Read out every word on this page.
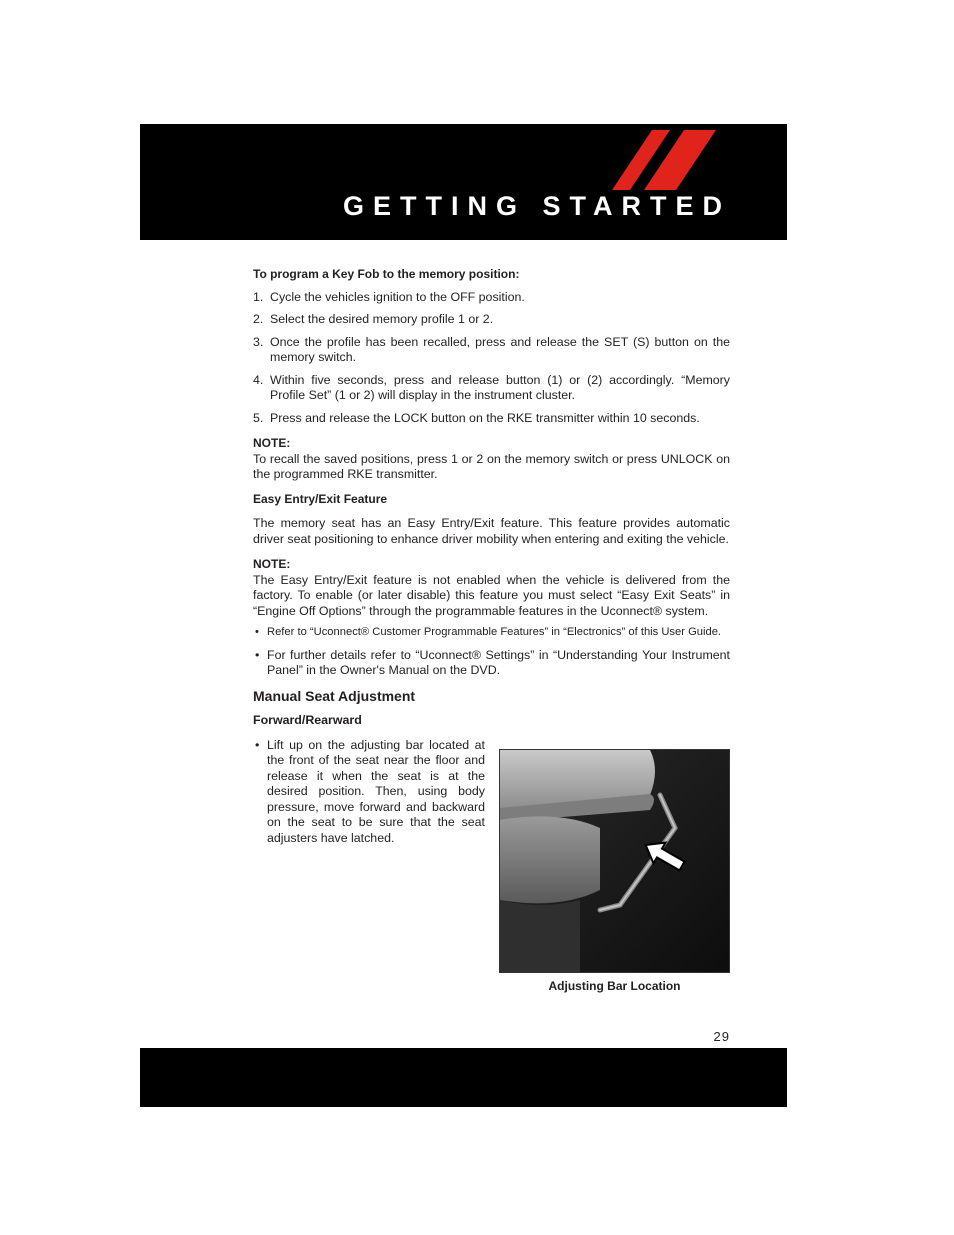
GETTING STARTED

To program a Key Fob to the memory position:

1. Cycle the vehicles ignition to the OFF position.
2. Select the desired memory profile 1 or 2.
3. Once the profile has been recalled, press and release the SET (S) button on the memory switch.
4. Within five seconds, press and release button (1) or (2) accordingly. “Memory Profile Set” (1 or 2) will display in the instrument cluster.
5. Press and release the LOCK button on the RKE transmitter within 10 seconds.
NOTE:

To recall the saved positions, press 1 or 2 on the memory switch or press UNLOCK on the programmed RKE transmitter.

Easy Entry/Exit Feature

The memory seat has an Easy Entry/Exit feature. This feature provides automatic driver seat positioning to enhance driver mobility when entering and exiting the vehicle.

NOTE:

The Easy Entry/Exit feature is not enabled when the vehicle is delivered from the factory. To enable (or later disable) this feature you must select “Easy Exit Seats” in “Engine Off Options” through the programmable features in the Uconnect® system.

• Refer to “Uconnect® Customer Programmable Features” in “Electronics” of this User Guide.
• For further details refer to “Uconnect® Settings” in “Understanding Your Instrument Panel” in the Owner's Manual on the DVD.
Manual Seat Adjustment
Forward/Rearward
• Lift up on the adjusting bar located at the front of the seat near the floor and release it when the seat is at the desired position. Then, using body pressure, move forward and backward on the seat to be sure that the seat adjusters have latched.
Adjusting Bar Location
29
